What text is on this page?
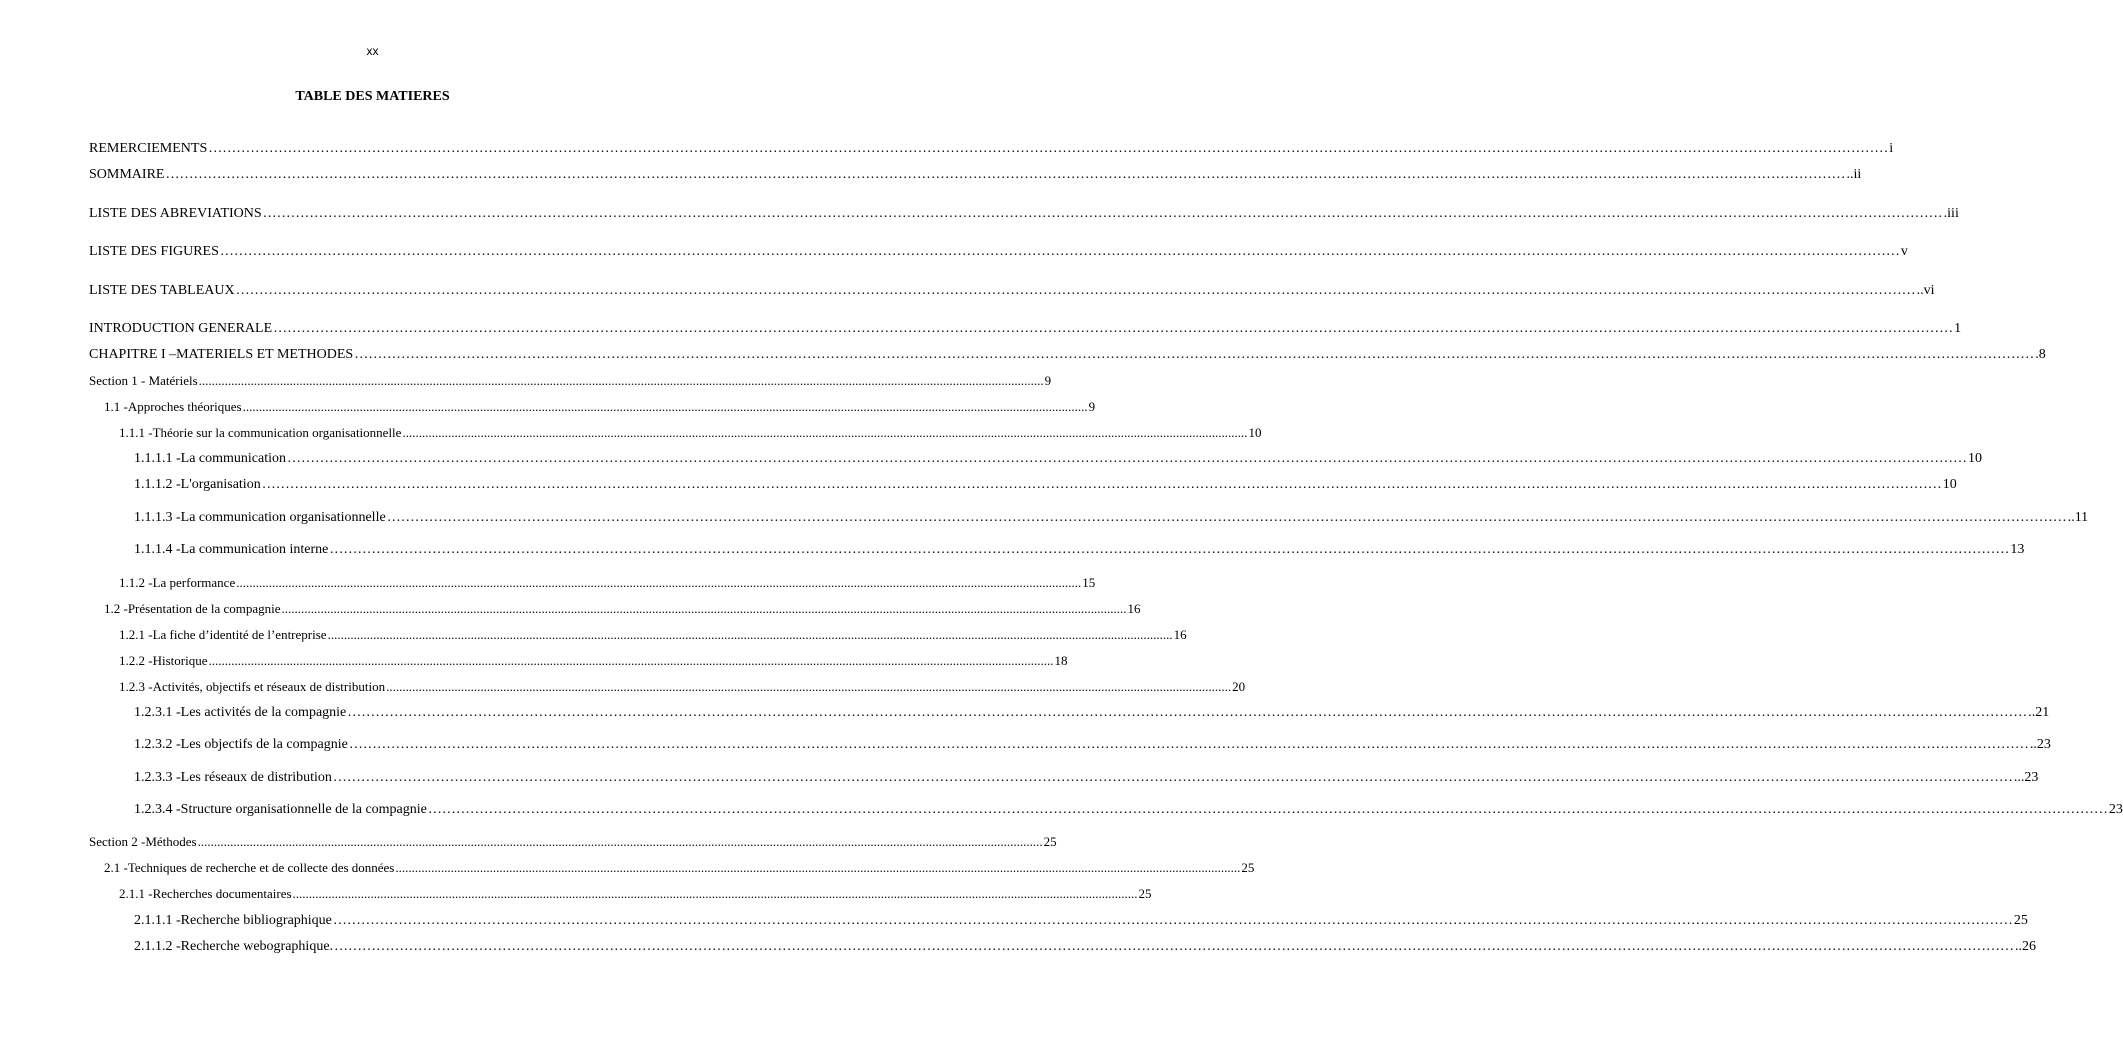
xx
TABLE DES MATIERES
REMERCIEMENTS ……………………………………………………………………………………………………………………………………………………………………………………………………………………………………………………………………………………………………………………………… i
SOMMAIRE ……………………………………………………………………………………………………………………………………………………………………………………………………………………………………………………………………………………………………………………………… ..ii
LISTE DES ABREVIATIONS ……………………………………………………………………………………………………………………………………………………………………………………………………………………………………………………………………………………………………………………………… .iii
LISTE DES FIGURES ……………………………………………………………………………………………………………………………………………………………………………………………………………………………………………………………………………………………………………………………… v
LISTE DES TABLEAUX ……………………………………………………………………………………………………………………………………………………………………………………………………………………………………………………………………………………………………………………………… ..vi
INTRODUCTION GENERALE ……………………………………………………………………………………………………………………………………………………………………………………………………………………………………………………………………………………………………………………………… 1
CHAPITRE I –MATERIELS ET METHODES ……………………………………………………………………………………………………………………………………………………………………………………………………………………………………………………………………………………………………………………………… .8
Section 1 - Matériels .................................................................................................................................................................................................................................................................... 9
1.1 -Approches théoriques .................................................................................................................................................................................................................................................................... 9
1.1.1 -Théorie sur la communication organisationnelle .................................................................................................................................................................................................................................................................... 10
1.1.1.1 -La communication ……………………………………………………………………………………………………………………………………………………………………………………………………………………………………………………………………………………………………………………………… 10
1.1.1.2 -L'organisation ……………………………………………………………………………………………………………………………………………………………………………………………………………………………………………………………………………………………………………………………… 10
1.1.1.3 -La communication organisationnelle ……………………………………………………………………………………………………………………………………………………………………………………………………………………………………………………………………………………………………………………………… ..11
1.1.1.4 -La communication interne ……………………………………………………………………………………………………………………………………………………………………………………………………………………………………………………………………………………………………………………………… 13
1.1.2 -La performance .................................................................................................................................................................................................................................................................... 15
1.2 -Présentation de la compagnie .................................................................................................................................................................................................................................................................... 16
1.2.1 -La fiche d’identité de l’entreprise .................................................................................................................................................................................................................................................................... 16
1.2.2 -Historique .................................................................................................................................................................................................................................................................... 18
1.2.3 -Activités, objectifs et réseaux de distribution .................................................................................................................................................................................................................................................................... 20
1.2.3.1 -Les activités de la compagnie ……………………………………………………………………………………………………………………………………………………………………………………………………………………………………………………………………………………………………………………………… ..21
1.2.3.2 -Les objectifs de la compagnie ……………………………………………………………………………………………………………………………………………………………………………………………………………………………………………………………………………………………………………………………… ..23
1.2.3.3 -Les réseaux de distribution ……………………………………………………………………………………………………………………………………………………………………………………………………………………………………………………………………………………………………………………………… ...23
1.2.3.4 -Structure organisationnelle de la compagnie ……………………………………………………………………………………………………………………………………………………………………………………………………………………………………………………………………………………………………………………………… 23
Section 2 -Méthodes .................................................................................................................................................................................................................................................................... 25
2.1 -Techniques de recherche et de collecte des données .................................................................................................................................................................................................................................................................... 25
2.1.1 -Recherches documentaires .................................................................................................................................................................................................................................................................... 25
2.1.1.1 -Recherche bibliographique ……………………………………………………………………………………………………………………………………………………………………………………………………………………………………………………………………………………………………………………………… 25
2.1.1.2 -Recherche webographique. ……………………………………………………………………………………………………………………………………………………………………………………………………………………………………………………………………………………………………………………………… ..26
